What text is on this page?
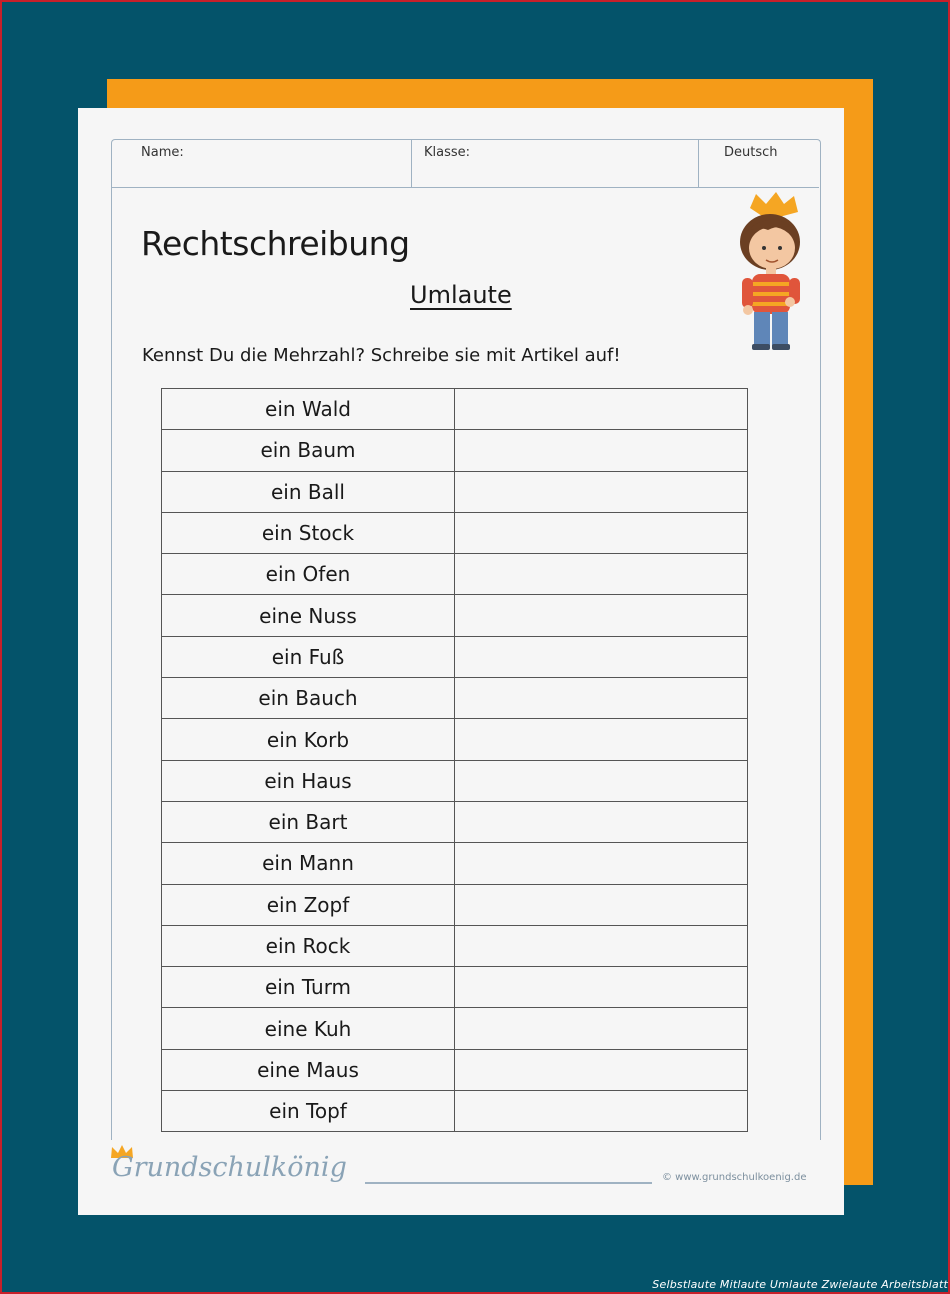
Name:	Klasse:	Deutsch
Rechtschreibung
Umlaute
Kennst Du die Mehrzahl? Schreibe sie mit Artikel auf!
ein Wald	
ein Baum	
ein Ball	
ein Stock	
ein Ofen	
eine Nuss	
ein Fuß	
ein Bauch	
ein Korb	
ein Haus	
ein Bart	
ein Mann	
ein Zopf	
ein Rock	
ein Turm	
eine Kuh	
eine Maus	
ein Topf	
Grundschulkönig	© www.grundschulkoenig.de
Selbstlaute Mitlaute Umlaute Zwielaute Arbeitsblatt
